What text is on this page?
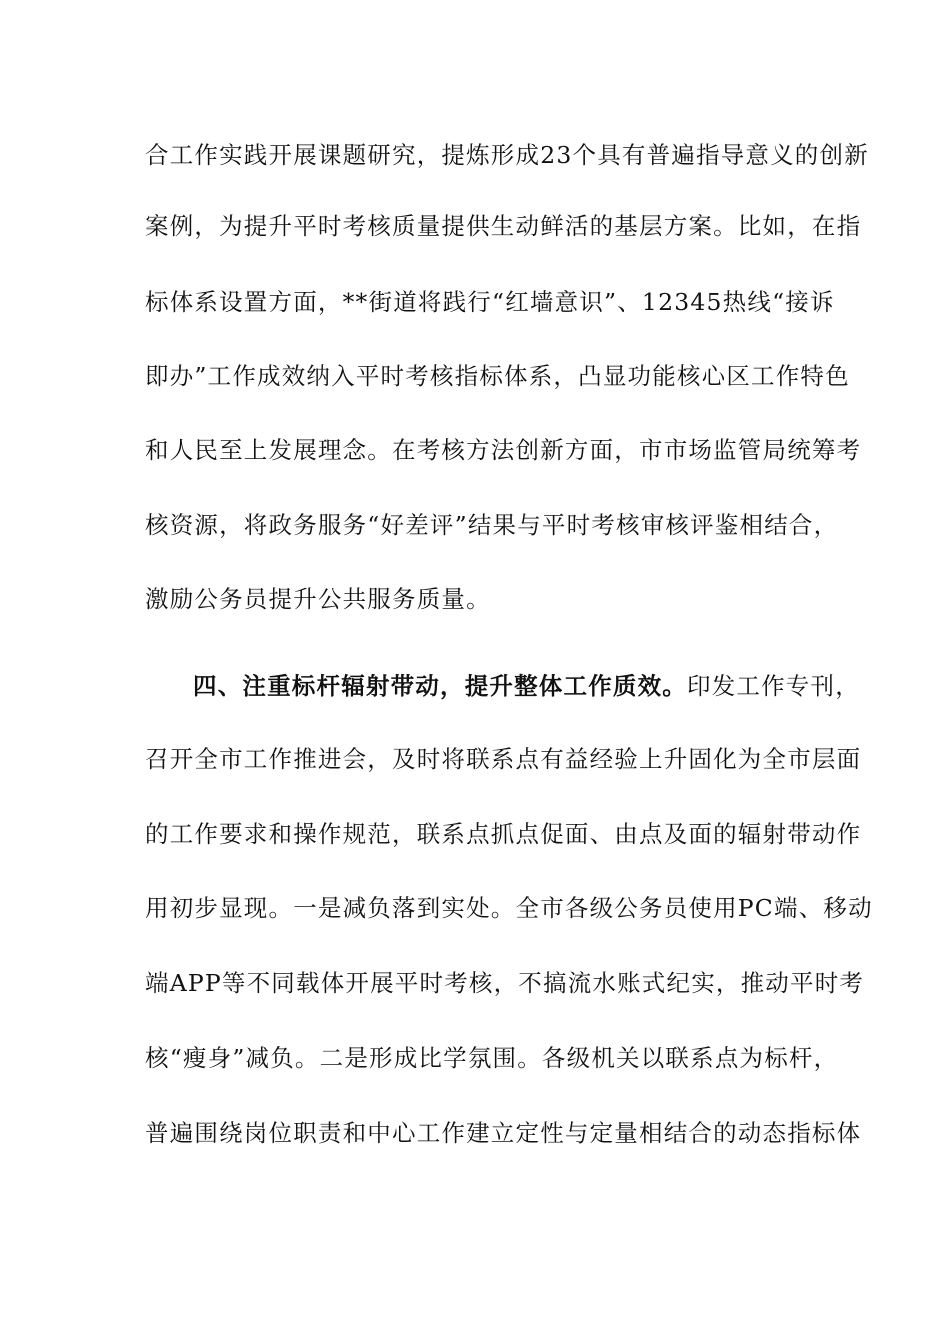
合工作实践开展课题研究，提炼形成23个具有普遍指导意义的创新
案例，为提升平时考核质量提供生动鲜活的基层方案。比如，在指
标体系设置方面，**街道将践行“红墙意识”、12345热线“接诉
即办”工作成效纳入平时考核指标体系，凸显功能核心区工作特色
和人民至上发展理念。在考核方法创新方面，市市场监管局统筹考
核资源，将政务服务“好差评”结果与平时考核审核评鉴相结合，
激励公务员提升公共服务质量。
四、注重标杆辐射带动，提升整体工作质效。印发工作专刊，
召开全市工作推进会，及时将联系点有益经验上升固化为全市层面
的工作要求和操作规范，联系点抓点促面、由点及面的辐射带动作
用初步显现。一是减负落到实处。全市各级公务员使用PC端、移动
端APP等不同载体开展平时考核，不搞流水账式纪实，推动平时考
核“瘦身”减负。二是形成比学氛围。各级机关以联系点为标杆，
普遍围绕岗位职责和中心工作建立定性与定量相结合的动态指标体
